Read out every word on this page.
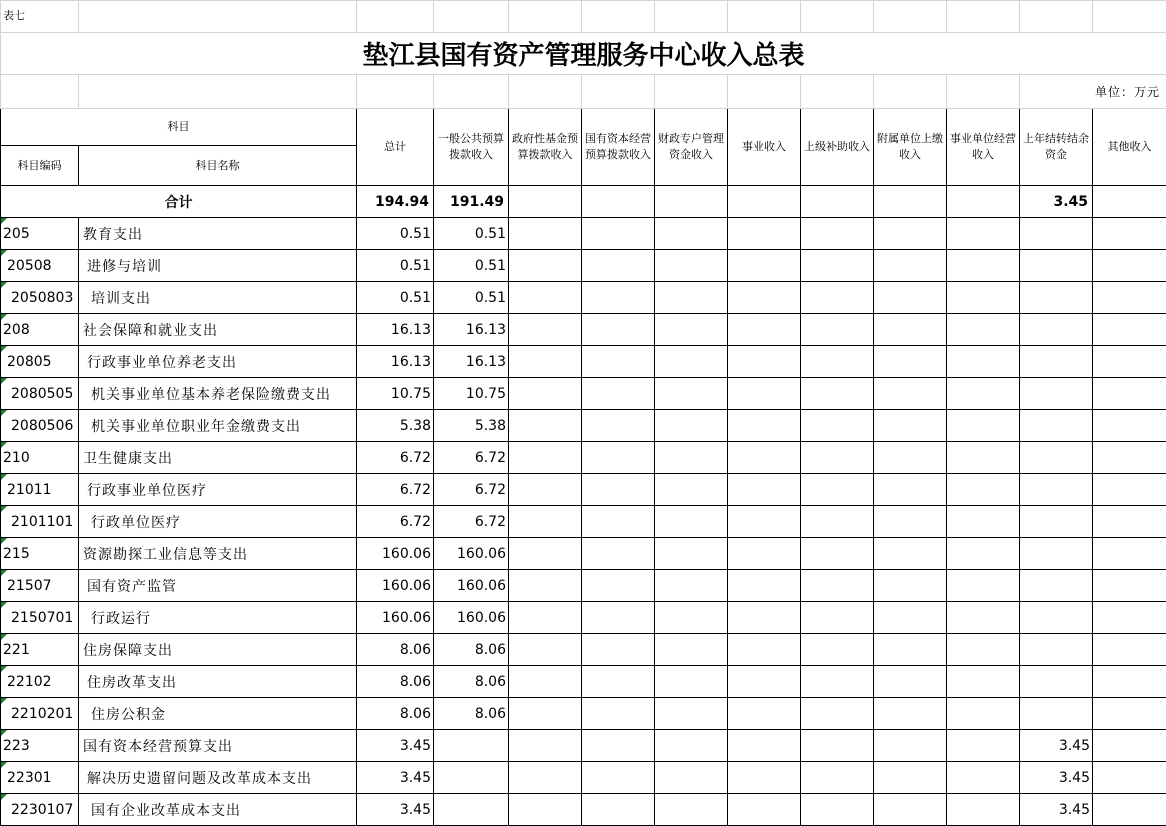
表七												
垫江县国有资产管理服务中心收入总表												
											单位：万元	
科目		总计	一般公共预算拨款收入	政府性基金预算拨款收入	国有资本经营预算拨款收入	财政专户管理资金收入	事业收入	上级补助收入	附属单位上缴收入	事业单位经营收入	上年结转结余资金	其他收入
科目编码	科目名称											
合计		194.94	191.49								3.45	
205	教育支出	0.51	0.51									
20508	进修与培训	0.51	0.51									
2050803	培训支出	0.51	0.51									
208	社会保障和就业支出	16.13	16.13									
20805	行政事业单位养老支出	16.13	16.13									
2080505	机关事业单位基本养老保险缴费支出	10.75	10.75									
2080506	机关事业单位职业年金缴费支出	5.38	5.38									
210	卫生健康支出	6.72	6.72									
21011	行政事业单位医疗	6.72	6.72									
2101101	行政单位医疗	6.72	6.72									
215	资源勘探工业信息等支出	160.06	160.06									
21507	国有资产监管	160.06	160.06									
2150701	行政运行	160.06	160.06									
221	住房保障支出	8.06	8.06									
22102	住房改革支出	8.06	8.06									
2210201	住房公积金	8.06	8.06									
223	国有资本经营预算支出	3.45									3.45	
22301	解决历史遗留问题及改革成本支出	3.45									3.45	
2230107	国有企业改革成本支出	3.45									3.45	
